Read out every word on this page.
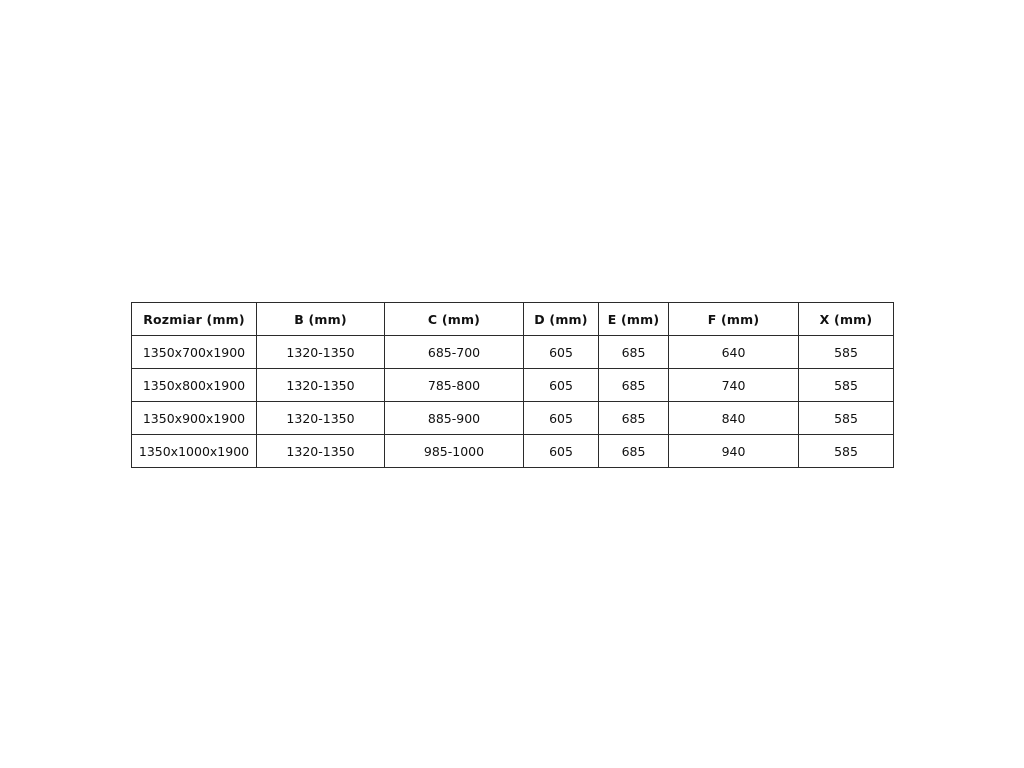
Rozmiar (mm)	B (mm)	C (mm)	D (mm)	E (mm)	F (mm)	X (mm)
1350x700x1900	1320-1350	685-700	605	685	640	585
1350x800x1900	1320-1350	785-800	605	685	740	585
1350x900x1900	1320-1350	885-900	605	685	840	585
1350x1000x1900	1320-1350	985-1000	605	685	940	585
